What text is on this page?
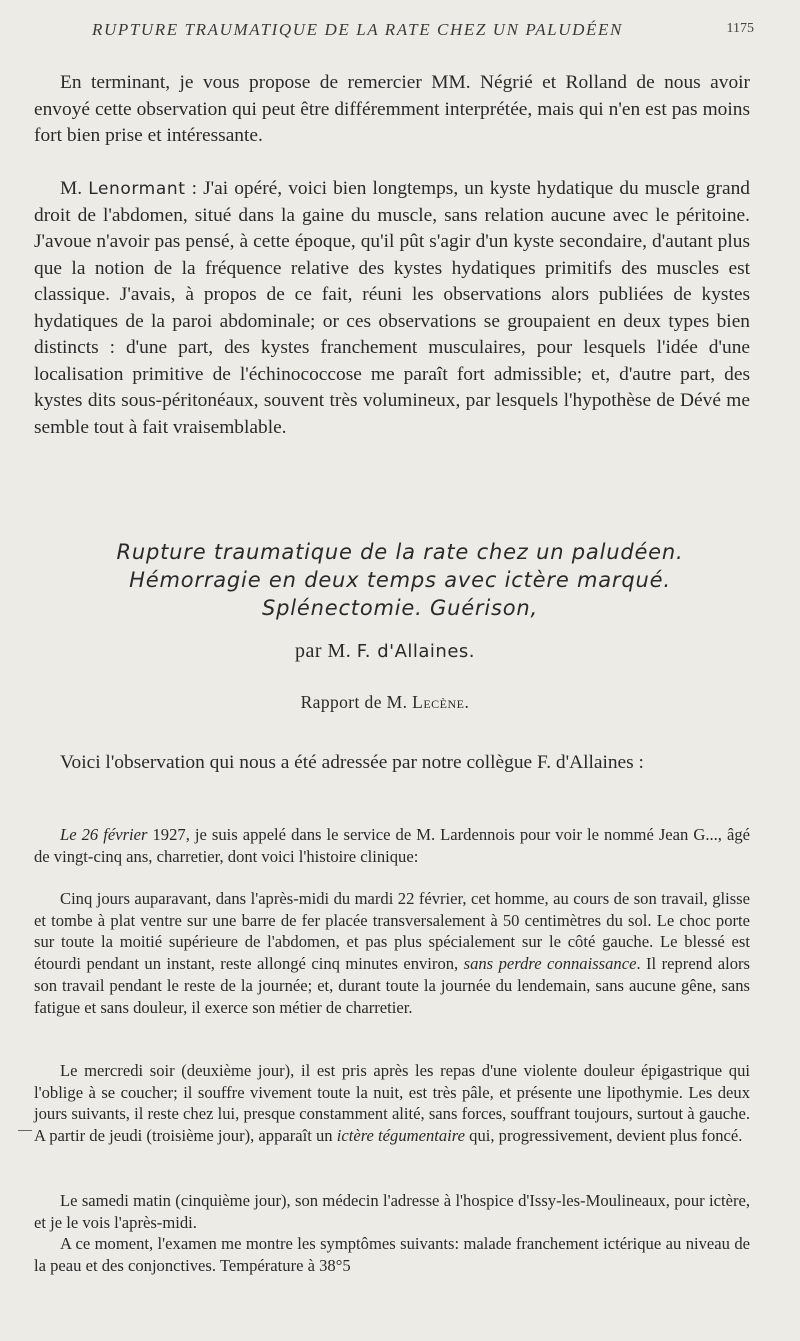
RUPTURE TRAUMATIQUE DE LA RATE CHEZ UN PALUDÉEN	1175

En terminant, je vous propose de remercier MM. Négrié et Rolland de nous avoir envoyé cette observation qui peut être différemment interprétée, mais qui n'en est pas moins fort bien prise et intéressante.

M. Lenormant : J'ai opéré, voici bien longtemps, un kyste hydatique du muscle grand droit de l'abdomen, situé dans la gaine du muscle, sans relation aucune avec le péritoine. J'avoue n'avoir pas pensé, à cette époque, qu'il pût s'agir d'un kyste secondaire, d'autant plus que la notion de la fréquence relative des kystes hydatiques primitifs des muscles est classique. J'avais, à propos de ce fait, réuni les observations alors publiées de kystes hydatiques de la paroi abdominale; or ces observations se groupaient en deux types bien distincts : d'une part, des kystes franchement musculaires, pour lesquels l'idée d'une localisation primitive de l'échinococcose me paraît fort admissible; et, d'autre part, des kystes dits sous-péritonéaux, souvent très volumineux, par lesquels l'hypothèse de Dévé me semble tout à fait vraisemblable.

Rupture traumatique de la rate chez un paludéen.
Hémorragie en deux temps avec ictère marqué.
Splénectomie. Guérison,
par M. F. d'Allaines.
Rapport de M. Lecène.

Voici l'observation qui nous a été adressée par notre collègue F. d'Allaines :

Le 26 février 1927, je suis appelé dans le service de M. Lardennois pour voir le nommé Jean G..., âgé de vingt-cinq ans, charretier, dont voici l'histoire clinique:

Cinq jours auparavant, dans l'après-midi du mardi 22 février, cet homme, au cours de son travail, glisse et tombe à plat ventre sur une barre de fer placée transversalement à 50 centimètres du sol. Le choc porte sur toute la moitié supérieure de l'abdomen, et pas plus spécialement sur le côté gauche. Le blessé est étourdi pendant un instant, reste allongé cinq minutes environ, sans perdre connaissance. Il reprend alors son travail pendant le reste de la journée; et, durant toute la journée du lendemain, sans aucune gêne, sans fatigue et sans douleur, il exerce son métier de charretier.

Le mercredi soir (deuxième jour), il est pris après les repas d'une violente douleur épigastrique qui l'oblige à se coucher; il souffre vivement toute la nuit, est très pâle, et présente une lipothymie. Les deux jours suivants, il reste chez lui, presque constamment alité, sans forces, souffrant toujours, surtout à gauche. A partir de jeudi (troisième jour), apparaît un ictère tégumentaire qui, progressivement, devient plus foncé.

Le samedi matin (cinquième jour), son médecin l'adresse à l'hospice d'Issy-les-Moulineaux, pour ictère, et je le vois l'après-midi.

A ce moment, l'examen me montre les symptômes suivants: malade franchement ictérique au niveau de la peau et des conjonctives. Température à 38°5
